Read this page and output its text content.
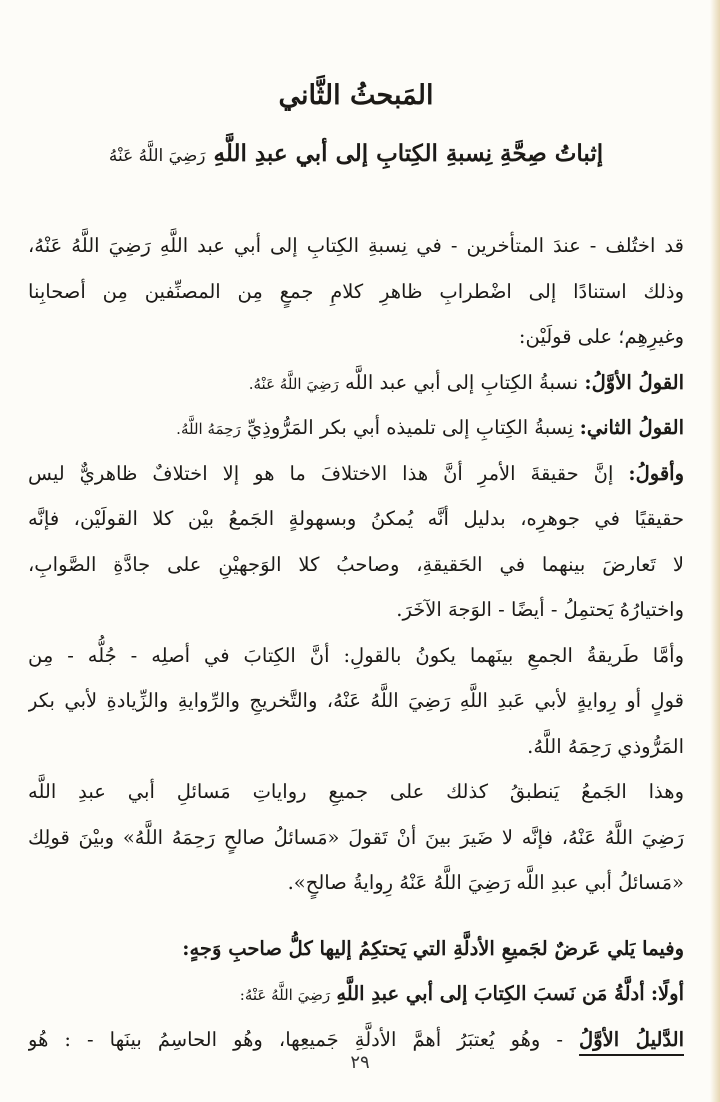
المَبحثُ الثَّاني
إثباتُ صِحَّةِ نِسبةِ الكِتابِ إلى أبي عبدِ اللَّهِ رَضِيَ اللَّهُ عَنْهُ
قد اختُلف - عندَ المتأخرين - في نِسبةِ الكِتابِ إلى أبي عبد اللَّهِ رَضِيَ اللَّهُ عَنْهُ،
وذلك استنادًا إلى اضْطرابِ ظاهرِ كلامِ جمعٍ مِن المصنِّفين مِن أصحابِنا
وغيرِهِم؛ على قولَيْن:
القولُ الأوَّلُ: نسبةُ الكِتابِ إلى أبي عبد اللَّه رَضِيَ اللَّهُ عَنْهُ.
القولُ الثاني: نِسبةُ الكِتابِ إلى تلميذه أبي بكر المَرُّوذِيِّ رَحِمَهُ اللَّهُ.
وأقولُ: إنَّ حقيقةَ الأمرِ أنَّ هذا الاختلافَ ما هو إلا اختلافٌ ظاهريٌّ ليس
حقيقيًا في جوهرِه، بدليل أنَّه يُمكنُ وبسهولةٍ الجَمعُ بيْن كلا القولَيْن، فإنَّه
لا تَعارضَ بينهما في الحَقيقةِ، وصاحبُ كلا الوَجهيْنِ على جادَّةِ الصَّوابِ،
واختيارُهُ يَحتمِلُ - أيضًا - الوَجهَ الآخَرَ.
وأمَّا طَريقةُ الجمعِ بينَهما يكونُ بالقولِ: أنَّ الكِتابَ في أصلِه - جُلُّه - مِن
قولٍ أو رِوايةٍ لأبي عَبدِ اللَّهِ رَضِيَ اللَّهُ عَنْهُ، والتَّخريجِ والرِّوايةِ والزِّيادةِ لأبي بكر
المَرُّوذي رَحِمَهُ اللَّهُ.
وهذا الجَمعُ يَنطبقُ كذلك على جميعِ رواياتِ مَسائلِ أبي عبدِ اللَّه
رَضِيَ اللَّهُ عَنْهُ، فإنَّه لا ضَيرَ بينَ أنْ تَقولَ «مَسائلُ صالحٍ رَحِمَهُ اللَّهُ» وبيْنَ قولِك
«مَسائلُ أبي عبدِ اللَّه رَضِيَ اللَّهُ عَنْهُ رِوايةُ صالحٍ».
وفيما يَلي عَرضٌ لجَميعِ الأدلَّةِ التي يَحتكِمُ إليها كلُّ صاحبِ وَجهٍ:
أولًا: أدلَّةُ مَن نَسبَ الكِتابَ إلى أبي عبدِ اللَّهِ رَضِيَ اللَّهُ عَنْهُ:
الدَّليلُ الأوَّلُ - وهُو يُعتبَرُ أهمَّ الأدلَّةِ جَميعِها، وهُو الحاسِمُ بينَها - : هُو
٢٩
